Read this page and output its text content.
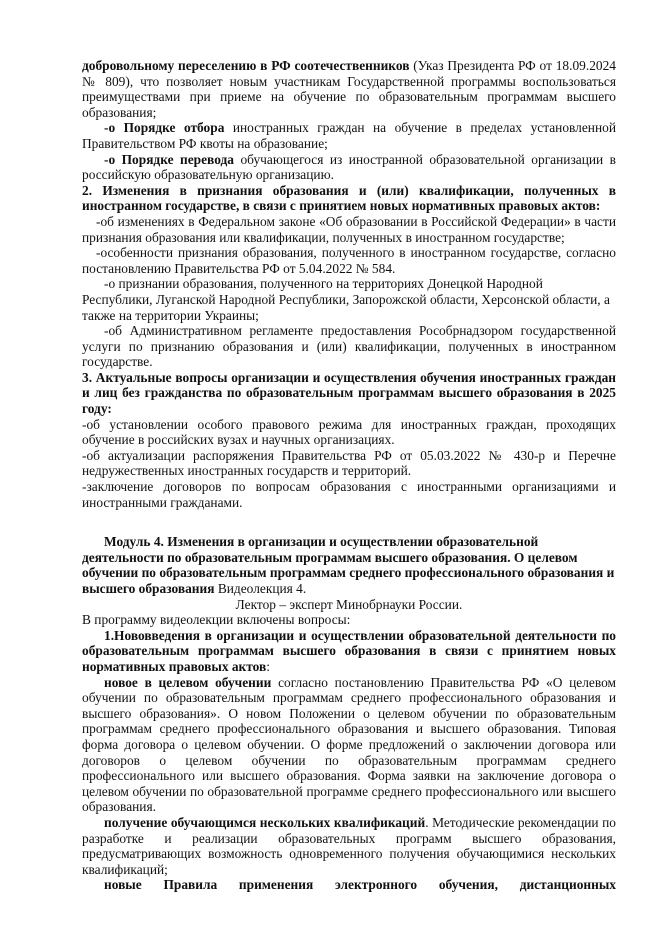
добровольному переселению в РФ соотечественников (Указ Президента РФ от 18.09.2024 № 809), что позволяет новым участникам Государственной программы воспользоваться преимуществами при приеме на обучение по образовательным программам высшего образования;

-о Порядке отбора иностранных граждан на обучение в пределах установленной Правительством РФ квоты на образование;

-о Порядке перевода обучающегося из иностранной образовательной организации в российскую образовательную организацию.

2. Изменения в признания образования и (или) квалификации, полученных в иностранном государстве, в связи с принятием новых нормативных правовых актов:

-об изменениях в Федеральном законе «Об образовании в Российской Федерации» в части признания образования или квалификации, полученных в иностранном государстве;

-особенности признания образования, полученного в иностранном государстве, согласно постановлению Правительства РФ от 5.04.2022 № 584.

-о признании образования, полученного на территориях Донецкой Народной Республики, Луганской Народной Республики, Запорожской области, Херсонской области, а также на территории Украины;

-об Административном регламенте предоставления Рособрнадзором государственной услуги по признанию образования и (или) квалификации, полученных в иностранном государстве.

3. Актуальные вопросы организации и осуществления обучения иностранных граждан и лиц без гражданства по образовательным программам высшего образования в 2025 году:

-об установлении особого правового режима для иностранных граждан, проходящих обучение в российских вузах и научных организациях.

-об актуализации распоряжения Правительства РФ от 05.03.2022 № 430-р и Перечне недружественных иностранных государств и территорий.

-заключение договоров по вопросам образования с иностранными организациями и иностранными гражданами.

Модуль 4. Изменения в организации и осуществлении образовательной деятельности по образовательным программам высшего образования. О целевом обучении по образовательным программам среднего профессионального образования и высшего образования Видеолекция 4.

Лектор – эксперт Минобрнауки России.

В программу видеолекции включены вопросы:

1.Нововведения в организации и осуществлении образовательной деятельности по образовательным программам высшего образования в связи с принятием новых нормативных правовых актов:

новое в целевом обучении согласно постановлению Правительства РФ «О целевом обучении по образовательным программам среднего профессионального образования и высшего образования». О новом Положении о целевом обучении по образовательным программам среднего профессионального образования и высшего образования. Типовая форма договора о целевом обучении. О форме предложений о заключении договора или договоров о целевом обучении по образовательным программам среднего профессионального или высшего образования. Форма заявки на заключение договора о целевом обучении по образовательной программе среднего профессионального или высшего образования.

получение обучающимся нескольких квалификаций. Методические рекомендации по разработке и реализации образовательных программ высшего образования, предусматривающих возможность одновременного получения обучающимися нескольких квалификаций;

новые Правила применения электронного обучения, дистанционных
